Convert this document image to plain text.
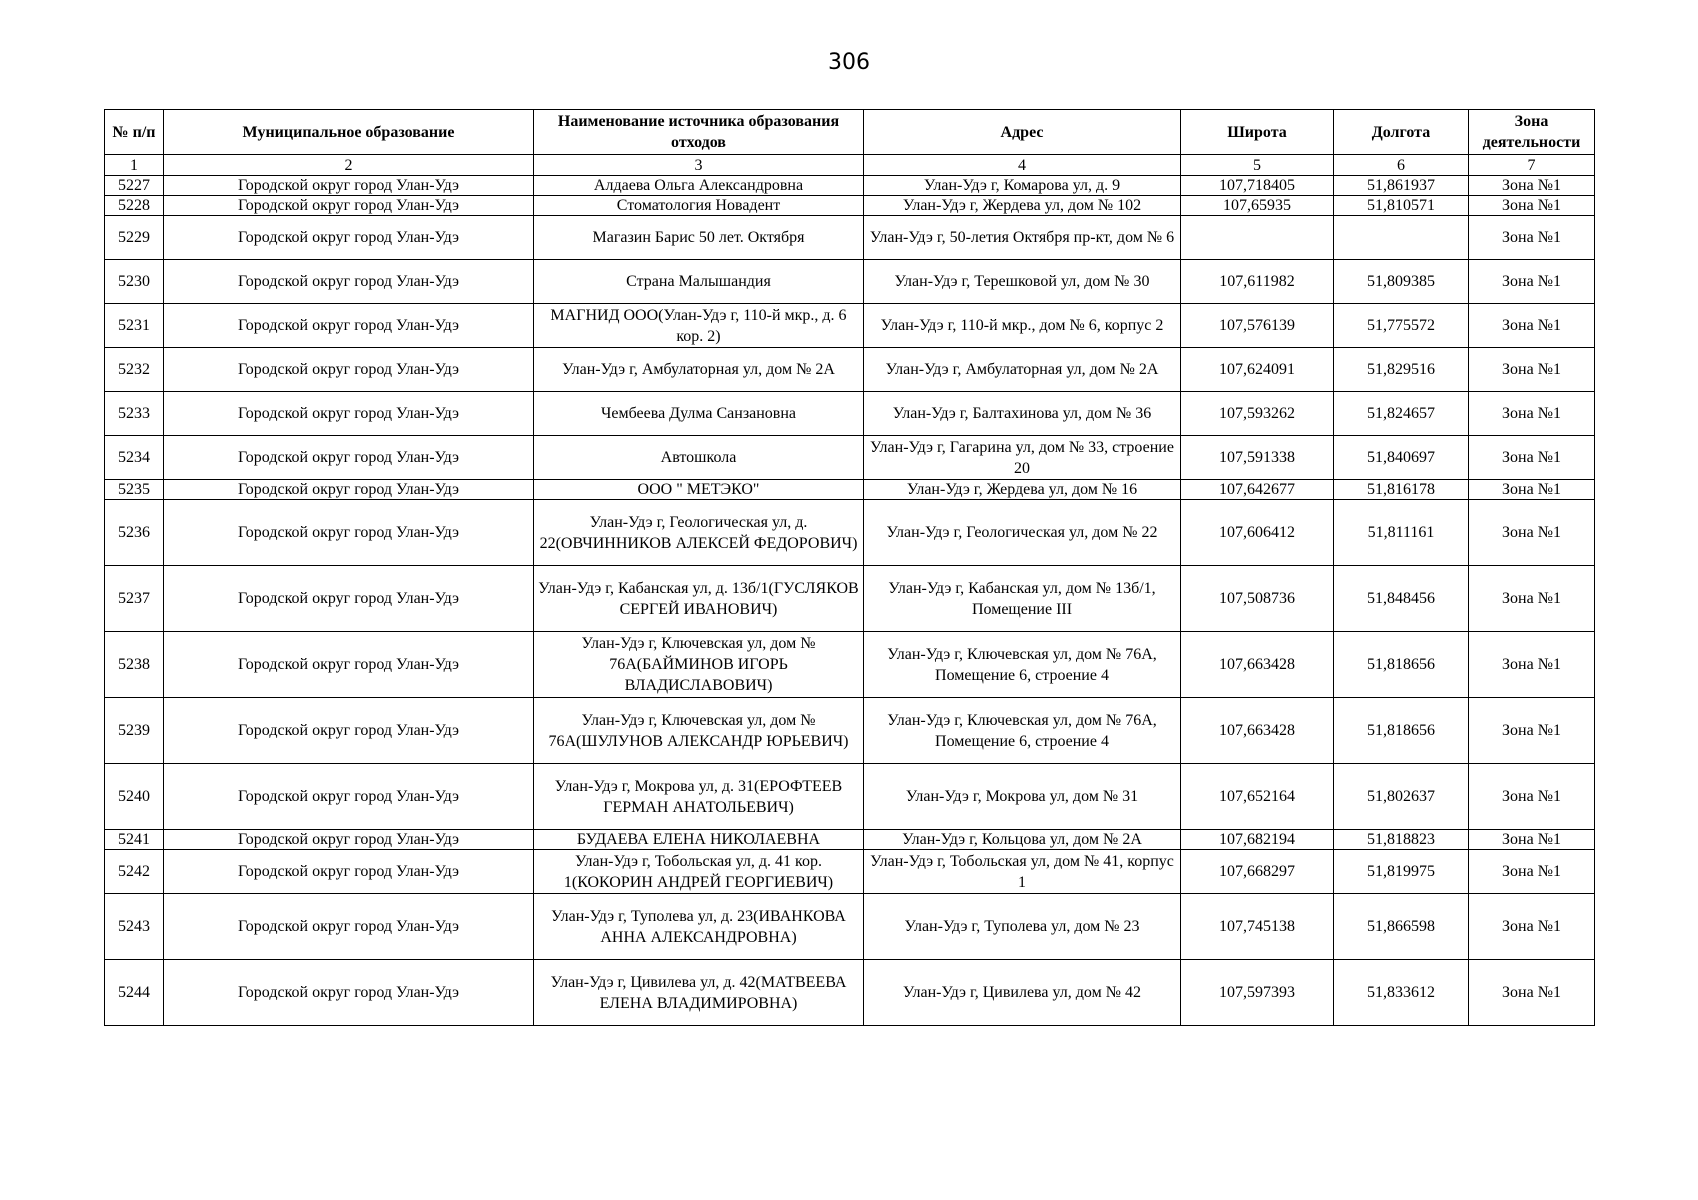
306
№ п/п	Муниципальное образование	Наименование источника образования отходов	Адрес	Широта	Долгота	Зона деятельности
1	2	3	4	5	6	7
5227	Городской округ город Улан-Удэ	Алдаева Ольга Александровна	Улан-Удэ г, Комарова ул, д. 9	107,718405	51,861937	Зона №1
5228	Городской округ город Улан-Удэ	Стоматология Новадент	Улан-Удэ г, Жердева ул, дом № 102	107,65935	51,810571	Зона №1
5229	Городской округ город Улан-Удэ	Магазин Барис 50 лет. Октября	Улан-Удэ г, 50-летия Октября пр-кт, дом № 6			Зона №1
5230	Городской округ город Улан-Удэ	Страна Малышандия	Улан-Удэ г, Терешковой ул, дом № 30	107,611982	51,809385	Зона №1
5231	Городской округ город Улан-Удэ	МАГНИД ООО(Улан-Удэ г, 110-й мкр., д. 6 кор. 2)	Улан-Удэ г, 110-й мкр., дом № 6, корпус 2	107,576139	51,775572	Зона №1
5232	Городской округ город Улан-Удэ	Улан-Удэ г, Амбулаторная ул, дом № 2А	Улан-Удэ г, Амбулаторная ул, дом № 2А	107,624091	51,829516	Зона №1
5233	Городской округ город Улан-Удэ	Чембеева Дулма Санзановна	Улан-Удэ г, Балтахинова ул, дом № 36	107,593262	51,824657	Зона №1
5234	Городской округ город Улан-Удэ	Автошкола	Улан-Удэ г, Гагарина ул, дом № 33, строение 20	107,591338	51,840697	Зона №1
5235	Городской округ город Улан-Удэ	ООО " МЕТЭКО"	Улан-Удэ г, Жердева ул, дом № 16	107,642677	51,816178	Зона №1
5236	Городской округ город Улан-Удэ	Улан-Удэ г, Геологическая ул, д. 22(ОВЧИННИКОВ АЛЕКСЕЙ ФЕДОРОВИЧ)	Улан-Удэ г, Геологическая ул, дом № 22	107,606412	51,811161	Зона №1
5237	Городской округ город Улан-Удэ	Улан-Удэ г, Кабанская ул, д. 13б/1(ГУСЛЯКОВ СЕРГЕЙ ИВАНОВИЧ)	Улан-Удэ г, Кабанская ул, дом № 13б/1, Помещение III	107,508736	51,848456	Зона №1
5238	Городской округ город Улан-Удэ	Улан-Удэ г, Ключевская ул, дом № 76А(БАЙМИНОВ ИГОРЬ ВЛАДИСЛАВОВИЧ)	Улан-Удэ г, Ключевская ул, дом № 76А, Помещение 6, строение 4	107,663428	51,818656	Зона №1
5239	Городской округ город Улан-Удэ	Улан-Удэ г, Ключевская ул, дом № 76А(ШУЛУНОВ АЛЕКСАНДР ЮРЬЕВИЧ)	Улан-Удэ г, Ключевская ул, дом № 76А, Помещение 6, строение 4	107,663428	51,818656	Зона №1
5240	Городской округ город Улан-Удэ	Улан-Удэ г, Мокрова ул, д. 31(ЕРОФТЕЕВ ГЕРМАН АНАТОЛЬЕВИЧ)	Улан-Удэ г, Мокрова ул, дом № 31	107,652164	51,802637	Зона №1
5241	Городской округ город Улан-Удэ	БУДАЕВА ЕЛЕНА НИКОЛАЕВНА	Улан-Удэ г, Кольцова ул, дом № 2А	107,682194	51,818823	Зона №1
5242	Городской округ город Улан-Удэ	Улан-Удэ г, Тобольская ул, д. 41 кор. 1(КОКОРИН АНДРЕЙ ГЕОРГИЕВИЧ)	Улан-Удэ г, Тобольская ул, дом № 41, корпус 1	107,668297	51,819975	Зона №1
5243	Городской округ город Улан-Удэ	Улан-Удэ г, Туполева ул, д. 23(ИВАНКОВА АННА АЛЕКСАНДРОВНА)	Улан-Удэ г, Туполева ул, дом № 23	107,745138	51,866598	Зона №1
5244	Городской округ город Улан-Удэ	Улан-Удэ г, Цивилева ул, д. 42(МАТВЕЕВА ЕЛЕНА ВЛАДИМИРОВНА)	Улан-Удэ г, Цивилева ул, дом № 42	107,597393	51,833612	Зона №1
